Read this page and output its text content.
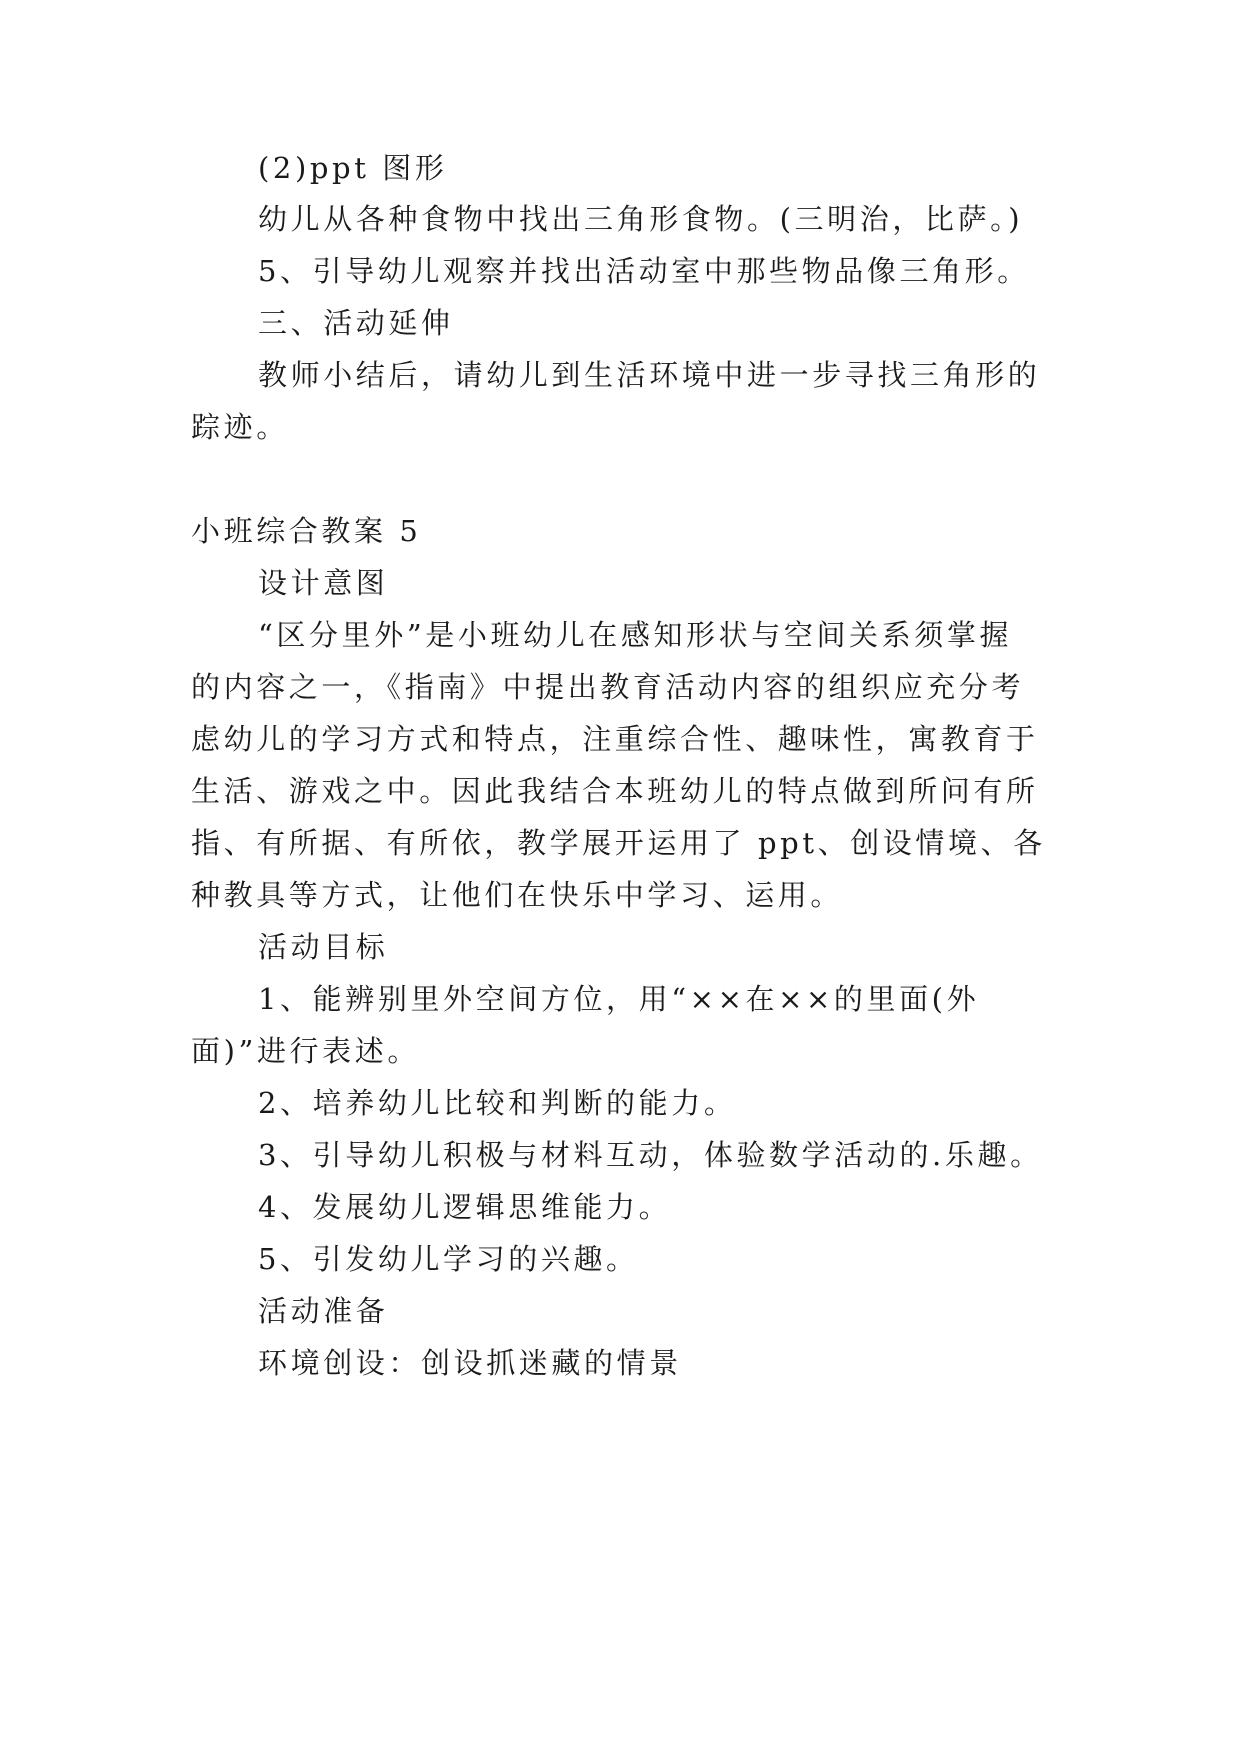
(2)ppt 图形
幼儿从各种食物中找出三角形食物。(三明治，比萨。)
5、引导幼儿观察并找出活动室中那些物品像三角形。
三、活动延伸
教师小结后，请幼儿到生活环境中进一步寻找三角形的
踪迹。
小班综合教案 5
设计意图
“区分里外”是小班幼儿在感知形状与空间关系须掌握
的内容之一，《指南》中提出教育活动内容的组织应充分考
虑幼儿的学习方式和特点，注重综合性、趣味性，寓教育于
生活、游戏之中。因此我结合本班幼儿的特点做到所问有所
指、有所据、有所依，教学展开运用了 ppt、创设情境、各
种教具等方式，让他们在快乐中学习、运用。
活动目标
1、能辨别里外空间方位，用“××在××的里面(外
面)”进行表述。
2、培养幼儿比较和判断的能力。
3、引导幼儿积极与材料互动，体验数学活动的.乐趣。
4、发展幼儿逻辑思维能力。
5、引发幼儿学习的兴趣。
活动准备
环境创设：创设抓迷藏的情景
